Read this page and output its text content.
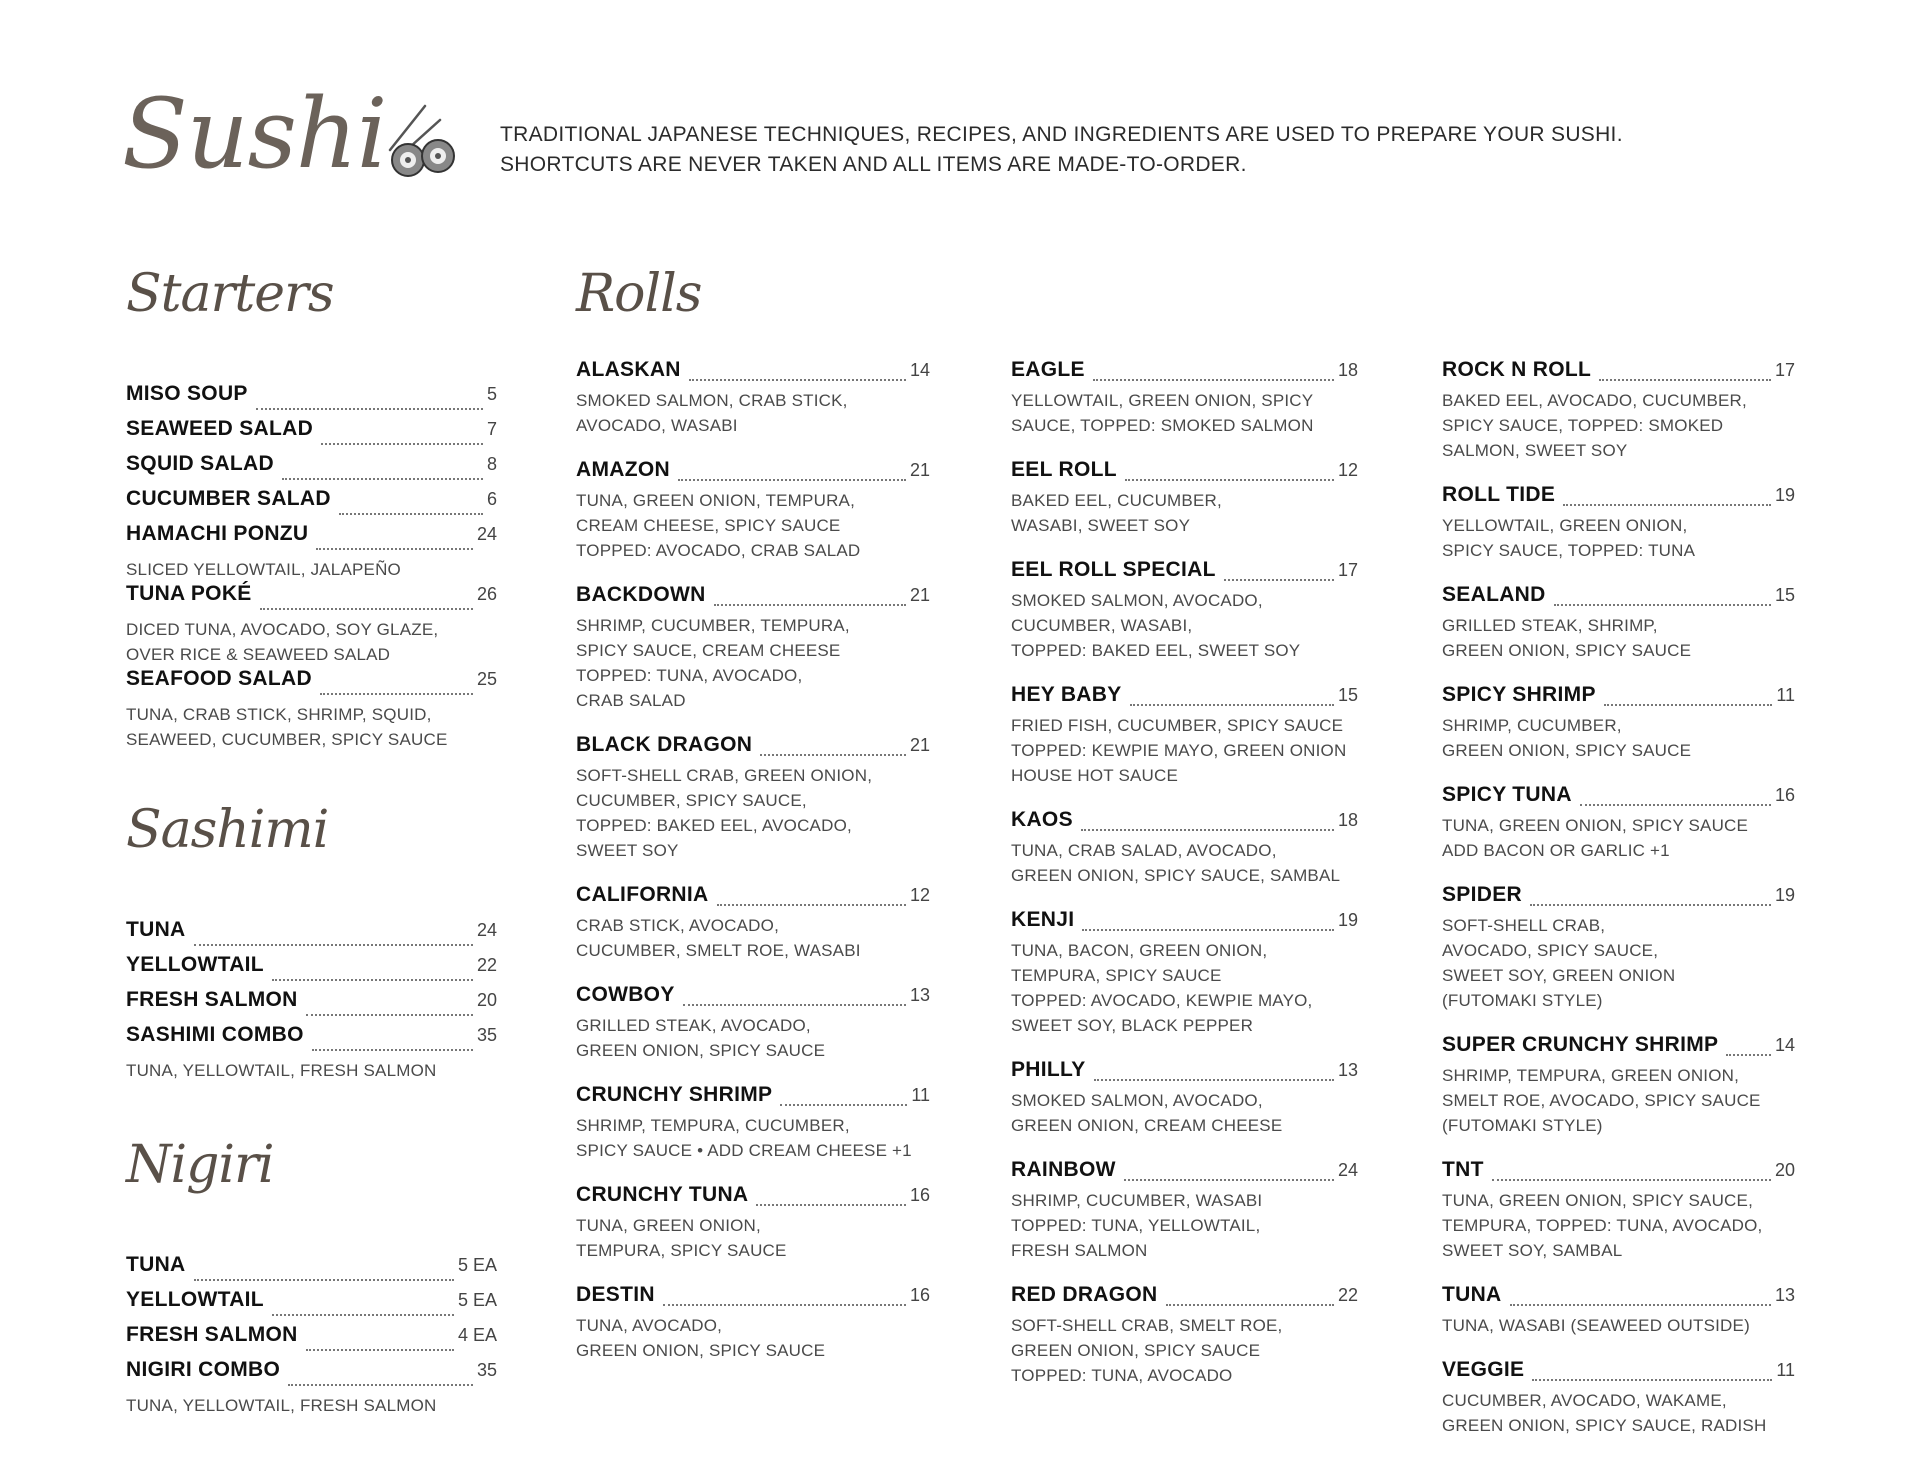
Sushi	TRADITIONAL JAPANESE TECHNIQUES, RECIPES, AND INGREDIENTS ARE USED TO PREPARE YOUR SUSHI.
SHORTCUTS ARE NEVER TAKEN AND ALL ITEMS ARE MADE-TO-ORDER.
Starters
MISO SOUP	5
SEAWEED SALAD	7
SQUID SALAD	8
CUCUMBER SALAD	6
HAMACHI PONZU	24
SLICED YELLOWTAIL, JALAPEÑO
TUNA POKÉ	26
DICED TUNA, AVOCADO, SOY GLAZE,
OVER RICE & SEAWEED SALAD
SEAFOOD SALAD	25
TUNA, CRAB STICK, SHRIMP, SQUID,
SEAWEED, CUCUMBER, SPICY SAUCE
Sashimi
TUNA	24
YELLOWTAIL	22
FRESH SALMON	20
SASHIMI COMBO	35
TUNA, YELLOWTAIL, FRESH SALMON
Nigiri
TUNA	5 EA
YELLOWTAIL	5 EA
FRESH SALMON	4 EA
NIGIRI COMBO	35
TUNA, YELLOWTAIL, FRESH SALMON
Rolls
ALASKAN	14
SMOKED SALMON, CRAB STICK,
AVOCADO, WASABI
AMAZON	21
TUNA, GREEN ONION, TEMPURA,
CREAM CHEESE, SPICY SAUCE
TOPPED: AVOCADO, CRAB SALAD
BACKDOWN	21
SHRIMP, CUCUMBER, TEMPURA,
SPICY SAUCE, CREAM CHEESE
TOPPED: TUNA, AVOCADO,
CRAB SALAD
BLACK DRAGON	21
SOFT-SHELL CRAB, GREEN ONION,
CUCUMBER, SPICY SAUCE,
TOPPED: BAKED EEL, AVOCADO,
SWEET SOY
CALIFORNIA	12
CRAB STICK, AVOCADO,
CUCUMBER, SMELT ROE, WASABI
COWBOY	13
GRILLED STEAK, AVOCADO,
GREEN ONION, SPICY SAUCE
CRUNCHY SHRIMP	11
SHRIMP, TEMPURA, CUCUMBER,
SPICY SAUCE • ADD CREAM CHEESE +1
CRUNCHY TUNA	16
TUNA, GREEN ONION,
TEMPURA, SPICY SAUCE
DESTIN	16
TUNA, AVOCADO,
GREEN ONION, SPICY SAUCE
EAGLE	18
YELLOWTAIL, GREEN ONION, SPICY
SAUCE, TOPPED: SMOKED SALMON
EEL ROLL	12
BAKED EEL, CUCUMBER,
WASABI, SWEET SOY
EEL ROLL SPECIAL	17
SMOKED SALMON, AVOCADO,
CUCUMBER, WASABI,
TOPPED: BAKED EEL, SWEET SOY
HEY BABY	15
FRIED FISH, CUCUMBER, SPICY SAUCE
TOPPED: KEWPIE MAYO, GREEN ONION
HOUSE HOT SAUCE
KAOS	18
TUNA, CRAB SALAD, AVOCADO,
GREEN ONION, SPICY SAUCE, SAMBAL
KENJI	19
TUNA, BACON, GREEN ONION,
TEMPURA, SPICY SAUCE
TOPPED: AVOCADO, KEWPIE MAYO,
SWEET SOY, BLACK PEPPER
PHILLY	13
SMOKED SALMON, AVOCADO,
GREEN ONION, CREAM CHEESE
RAINBOW	24
SHRIMP, CUCUMBER, WASABI
TOPPED: TUNA, YELLOWTAIL,
FRESH SALMON
RED DRAGON	22
SOFT-SHELL CRAB, SMELT ROE,
GREEN ONION, SPICY SAUCE
TOPPED: TUNA, AVOCADO
ROCK N ROLL	17
BAKED EEL, AVOCADO, CUCUMBER,
SPICY SAUCE, TOPPED: SMOKED
SALMON, SWEET SOY
ROLL TIDE	19
YELLOWTAIL, GREEN ONION,
SPICY SAUCE, TOPPED: TUNA
SEALAND	15
GRILLED STEAK, SHRIMP,
GREEN ONION, SPICY SAUCE
SPICY SHRIMP	11
SHRIMP, CUCUMBER,
GREEN ONION, SPICY SAUCE
SPICY TUNA	16
TUNA, GREEN ONION, SPICY SAUCE
ADD BACON OR GARLIC +1
SPIDER	19
SOFT-SHELL CRAB,
AVOCADO, SPICY SAUCE,
SWEET SOY, GREEN ONION
(FUTOMAKI STYLE)
SUPER CRUNCHY SHRIMP	14
SHRIMP, TEMPURA, GREEN ONION,
SMELT ROE, AVOCADO, SPICY SAUCE
(FUTOMAKI STYLE)
TNT	20
TUNA, GREEN ONION, SPICY SAUCE,
TEMPURA, TOPPED: TUNA, AVOCADO,
SWEET SOY, SAMBAL
TUNA	13
TUNA, WASABI (SEAWEED OUTSIDE)
VEGGIE	11
CUCUMBER, AVOCADO, WAKAME,
GREEN ONION, SPICY SAUCE, RADISH
